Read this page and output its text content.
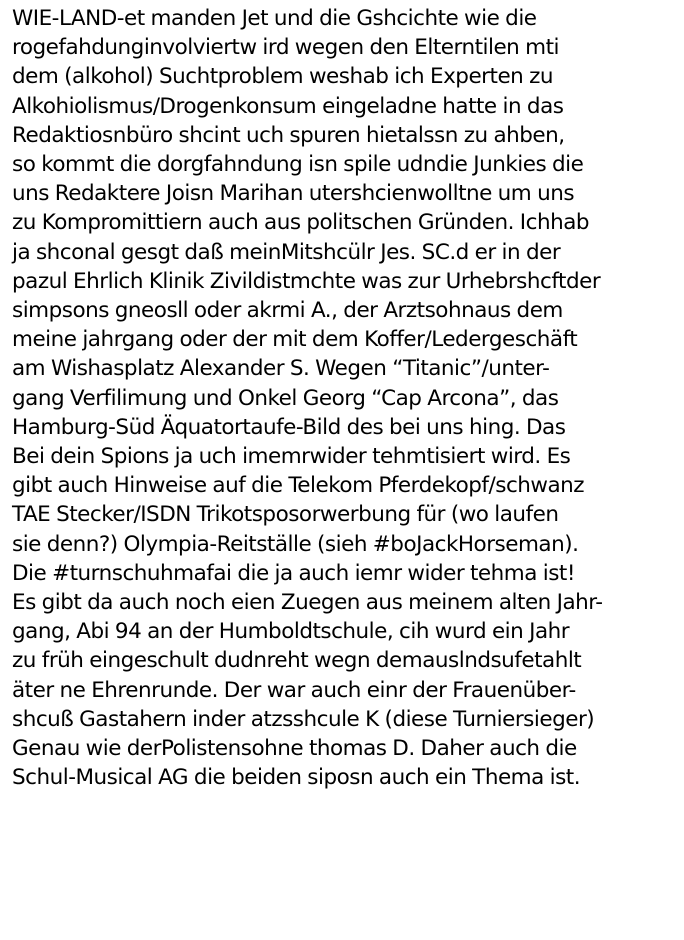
WIE-LAND-et manden Jet und die Gshcichte wie die
rogefahdunginvolviertw ird wegen den Elterntilen mti
dem (alkohol) Suchtproblem weshab ich Experten zu
Alkohiolismus/Drogenkonsum eingeladne hatte in das
Redaktiosnbüro shcint uch spuren hietalssn zu ahben,
so kommt die dorgfahndung isn spile udndie Junkies die
uns Redaktere Joisn Marihan utershcienwolltne um uns
zu Kompromittiern auch aus politschen Gründen. Ichhab
ja shconal gesgt daß meinMitshcülr Jes. SC.d er in der
pazul Ehrlich Klinik Zivildistmchte was zur Urhebrshcftder
simpsons gneosll oder akrmi A., der Arztsohnaus dem
meine jahrgang oder der mit dem Koffer/Ledergeschäft
am Wishasplatz Alexander S. Wegen “Titanic”/unter-
gang Verfilimung und Onkel Georg “Cap Arcona”, das
Hamburg-Süd Äquatortaufe-Bild des bei uns hing. Das
Bei dein Spions ja uch imemrwider tehmtisiert wird. Es
gibt auch Hinweise auf die Telekom Pferdekopf/schwanz
TAE Stecker/ISDN Trikotsposorwerbung für (wo laufen
sie denn?) Olympia-Reitställe (sieh #boJackHorseman).
Die #turnschuhmafai die ja auch iemr wider tehma ist!
Es gibt da auch noch eien Zuegen aus meinem alten Jahr-
gang, Abi 94 an der Humboldtschule, cih wurd ein Jahr
zu früh eingeschult dudnreht wegn demauslndsufetahlt
äter ne Ehrenrunde. Der war auch einr der Frauenüber-
shcuß Gastahern inder atzsshcule K (diese Turniersieger)
Genau wie derPolistensohne thomas D. Daher auch die
Schul-Musical AG die beiden siposn auch ein Thema ist.
